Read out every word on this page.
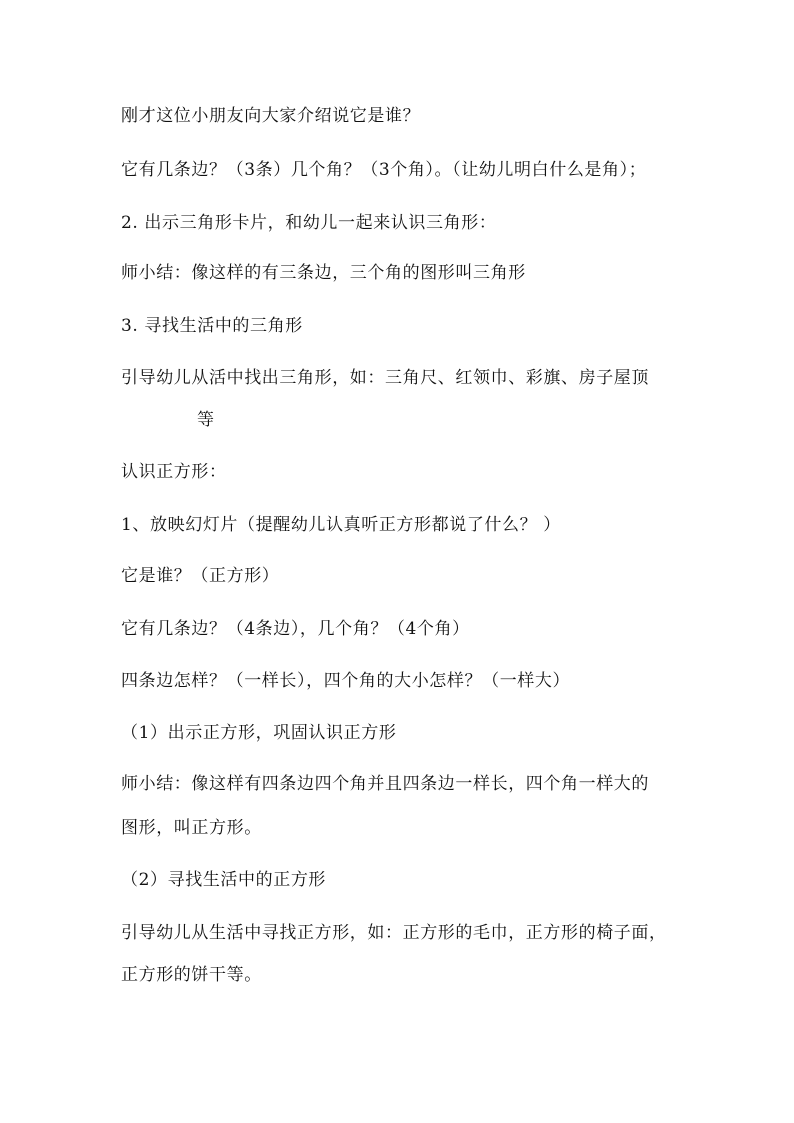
刚才这位小朋友向大家介绍说它是谁？
它有几条边？（3条）几个角？（3个角）。（让幼儿明白什么是角）；
2. 出示三角形卡片，和幼儿一起来认识三角形：
师小结：像这样的有三条边，三个角的图形叫三角形
3. 寻找生活中的三角形
引导幼儿从活中找出三角形，如：三角尺、红领巾、彩旗、房子屋顶
等
认识正方形：
1、放映幻灯片（提醒幼儿认真听正方形都说了什么？ ）
它是谁？（正方形）
它有几条边？（4条边），几个角？（4个角）
四条边怎样？（一样长），四个角的大小怎样？（一样大）
（1）出示正方形，巩固认识正方形
师小结：像这样有四条边四个角并且四条边一样长，四个角一样大的
图形，叫正方形。
（2）寻找生活中的正方形
引导幼儿从生活中寻找正方形，如：正方形的毛巾，正方形的椅子面，
正方形的饼干等。
